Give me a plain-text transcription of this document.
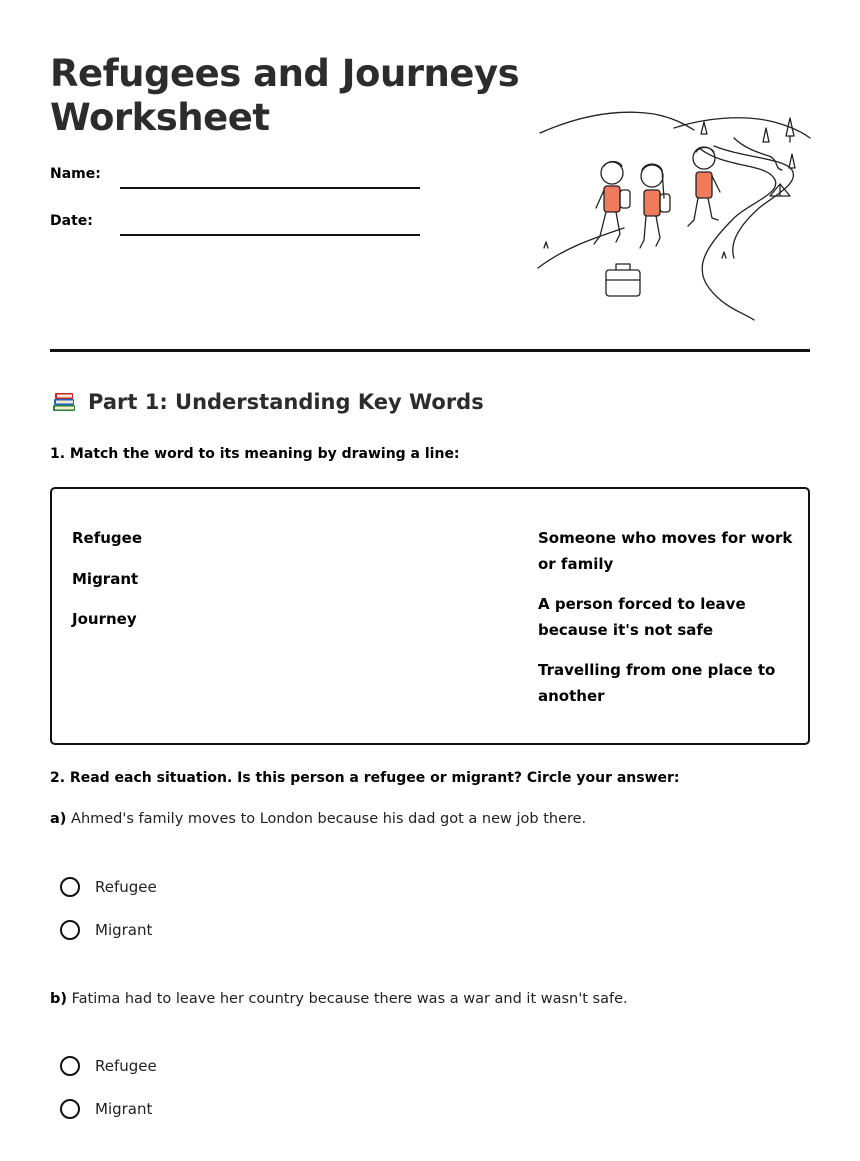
Refugees and Journeys Worksheet
Name:
Date:
Part 1: Understanding Key Words
1. Match the word to its meaning by drawing a line:
Refugee
Migrant
Journey
Someone who moves for work or family
A person forced to leave because it's not safe
Travelling from one place to another
2. Read each situation. Is this person a refugee or migrant? Circle your answer:
a) Ahmed's family moves to London because his dad got a new job there.
Refugee
Migrant
b) Fatima had to leave her country because there was a war and it wasn't safe.
Refugee
Migrant
